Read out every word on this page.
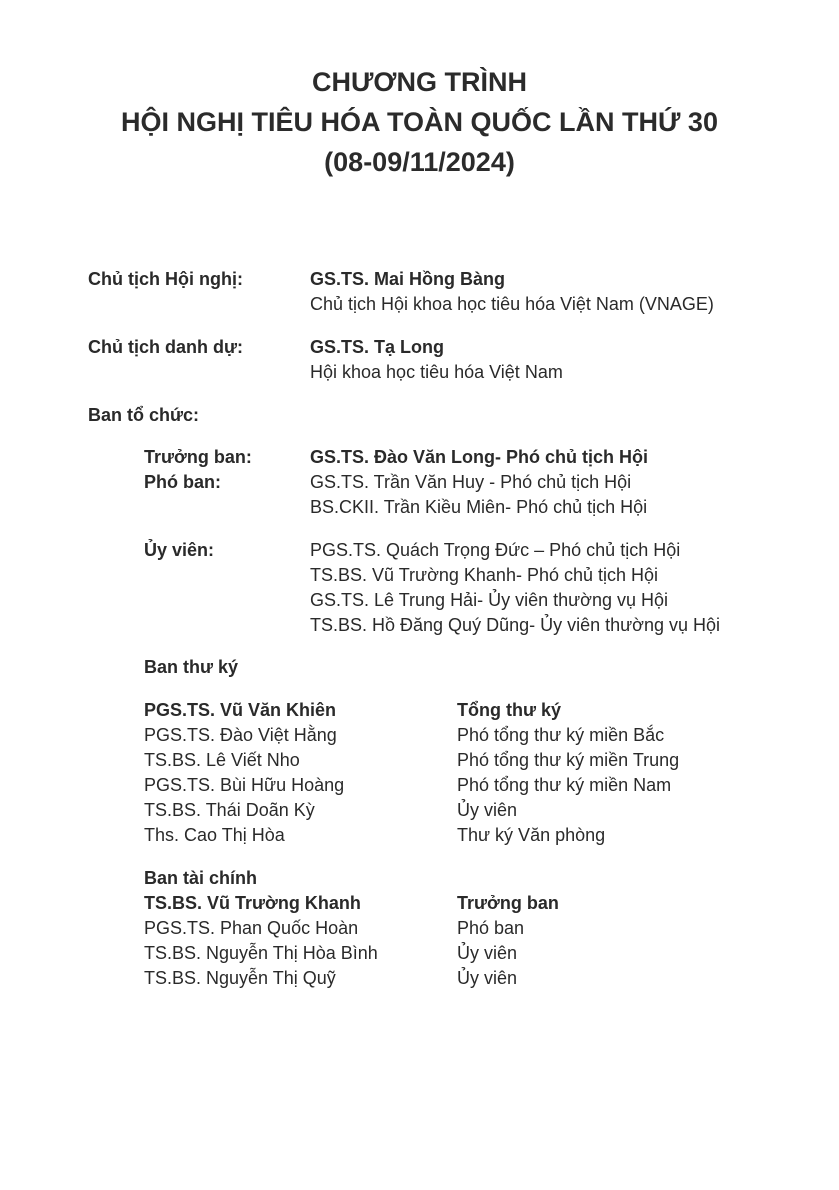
CHƯƠNG TRÌNH
HỘI NGHỊ TIÊU HÓA TOÀN QUỐC LẦN THỨ 30
(08-09/11/2024)
Chủ tịch Hội nghị:	GS.TS. Mai Hồng Bàng
Chủ tịch Hội khoa học tiêu hóa Việt Nam (VNAGE)
Chủ tịch danh dự:	GS.TS. Tạ Long
Hội khoa học tiêu hóa Việt Nam
Ban tổ chức:
Trưởng ban:	GS.TS. Đào Văn Long- Phó chủ tịch Hội
Phó ban:	GS.TS. Trần Văn Huy - Phó chủ tịch Hội
BS.CKII. Trần Kiều Miên- Phó chủ tịch Hội
Ủy viên:	PGS.TS. Quách Trọng Đức – Phó chủ tịch Hội
TS.BS. Vũ Trường Khanh- Phó chủ tịch Hội
GS.TS. Lê Trung Hải- Ủy viên thường vụ Hội
TS.BS. Hồ Đăng Quý Dũng- Ủy viên thường vụ Hội
Ban thư ký
PGS.TS. Vũ Văn Khiên	Tổng thư ký
PGS.TS. Đào Việt Hằng	Phó tổng thư ký miền Bắc
TS.BS. Lê Viết Nho	Phó tổng thư ký miền Trung
PGS.TS. Bùi Hữu Hoàng	Phó tổng thư ký miền Nam
TS.BS. Thái Doãn Kỳ	Ủy viên
Ths. Cao Thị Hòa	Thư ký Văn phòng
Ban tài chính
TS.BS. Vũ Trường Khanh	Trưởng ban
PGS.TS. Phan Quốc Hoàn	Phó ban
TS.BS. Nguyễn Thị Hòa Bình	Ủy viên
TS.BS. Nguyễn Thị Quỹ	Ủy viên
